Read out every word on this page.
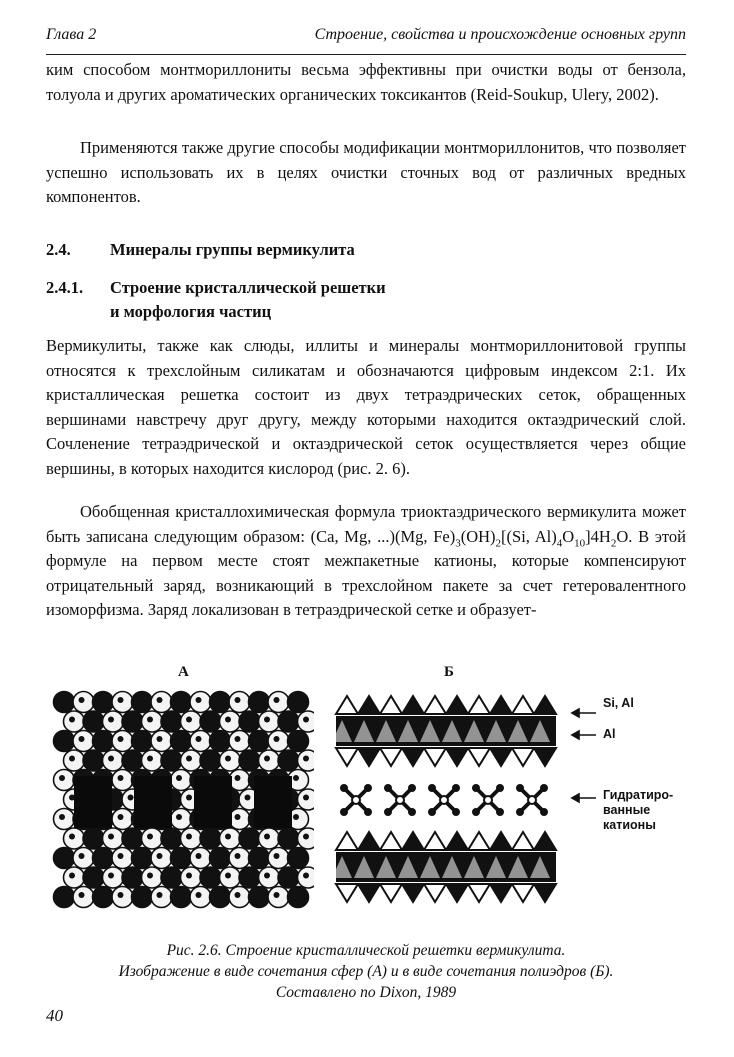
Глава 2	Строение, свойства и происхождение основных групп

ким способом монтмориллониты весьма эффективны при очистки воды от бензола, толуола и других ароматических органических токсикантов (Reid-Soukup, Ulery, 2002).

Применяются также другие способы модификации монтмориллонитов, что позволяет успешно использовать их в целях очистки сточных вод от различных вредных компонентов.

2.4. Минералы группы вермикулита
2.4.1. Строение кристаллической решетки
и морфология частиц

Вермикулиты, также как слюды, иллиты и минералы монтмориллонитовой группы относятся к трехслойным силикатам и обозначаются цифровым индексом 2:1. Их кристаллическая решетка состоит из двух тетраэдрических сеток, обращенных вершинами навстречу друг другу, между которыми находится октаэдрический слой. Сочленение тетраэдрической и октаэдрической сеток осуществляется через общие вершины, в которых находится кислород (рис. 2. 6).

Обобщенная кристаллохимическая формула триоктаэдрического вермикулита может быть записана следующим образом: (Ca, Mg, ...)(Mg, $Fe)_3(OH)_2[(Si$, $Al)_4O_{10}]4H_2O$. В этой формуле на первом месте стоят межпакетные катионы, которые компенсируют отрицательный заряд, возникающий в трехслойном пакете за счет гетеровалентного изоморфизма. Заряд локализован в тетраэдрической сетке и образует-

А	Б
Si, Al
Al
Гидратиро-
ванные
катионы
Рис. 2.6. Строение кристаллической решетки вермикулита.
Изображение в виде сочетания сфер (А) и в виде сочетания полиэдров (Б).
Составлено по Dixon, 1989
40
